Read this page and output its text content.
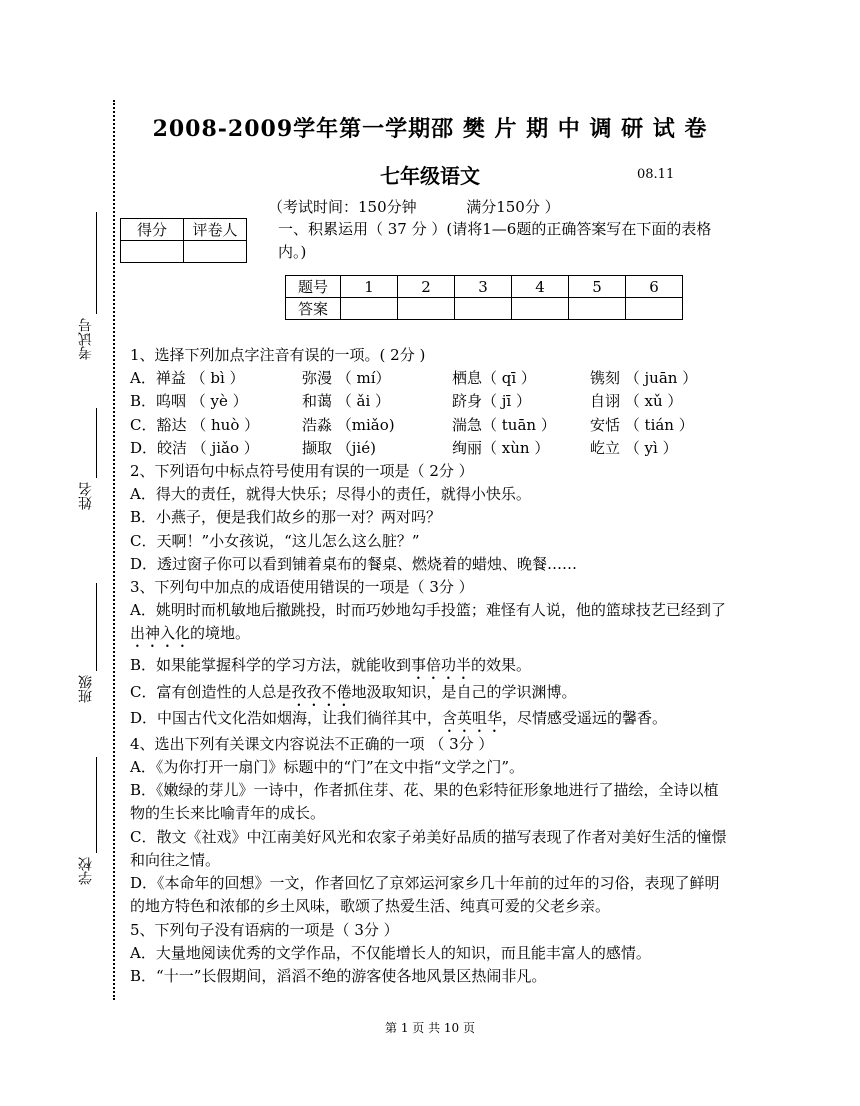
考试号
姓名
班级
学校
2008-2009学年第一学期邵 樊 片 期 中 调 研 试 卷
七年级语文	08.11
（考试时间：150分钟	满分150分 ）
得分	评卷人
		一、积累运用（ 37 分 ）(请将1—6题的正确答案写在下面的表格内。)
题号	1	2	3	4	5	6
答案						
1、选择下列加点字注音有误的一项。( 2分 )
A．禅益 （ bì ）	弥漫 （ mí）	栖息（ qī ）	镌刻 （ juān ）
B．呜咽 （ yè ）	和蔼 （ ǎi ）	跻身（ jī ）	自诩 （ xǔ ）
C．豁达 （ huò ）	浩淼 （miǎo)	湍急（ tuān ）	安恬 （ tián ）
D．皎洁 （ jiǎo ）	撷取 （jié)	绚丽（ xùn ）	屹立 （ yì ）
2、下列语句中标点符号使用有误的一项是（ 2分 ）
A．得大的责任，就得大快乐；尽得小的责任，就得小快乐。
B．小燕子，便是我们故乡的那一对？两对吗？
C．天啊！”小女孩说，“这儿怎么这么脏？”
D．透过窗子你可以看到铺着桌布的餐桌、燃烧着的蜡烛、晚餐……
3、下列句中加点的成语使用错误的一项是（ 3分 ）
A．姚明时而机敏地后撤跳投，时而巧妙地勾手投篮；难怪有人说，他的篮球技艺已经到了出神入化的境地。
B．如果能掌握科学的学习方法，就能收到事倍功半的效果。
C．富有创造性的人总是孜孜不倦地汲取知识，是自己的学识渊博。
D．中国古代文化浩如烟海，让我们徜徉其中，含英咀华，尽情感受遥远的馨香。
4、选出下列有关课文内容说法不正确的一项 （ 3分 ）
A．《为你打开一扇门》标题中的“门”在文中指“文学之门”。
B．《嫩绿的芽儿》一诗中，作者抓住芽、花、果的色彩特征形象地进行了描绘，全诗以植物的生长来比喻青年的成长。
C．散文《社戏》中江南美好风光和农家子弟美好品质的描写表现了作者对美好生活的憧憬和向往之情。
D．《本命年的回想》一文，作者回忆了京郊运河家乡几十年前的过年的习俗，表现了鲜明的地方特色和浓郁的乡土风味，歌颂了热爱生活、纯真可爱的父老乡亲。
5、下列句子没有语病的一项是（ 3分 ）
A．大量地阅读优秀的文学作品，不仅能增长人的知识，而且能丰富人的感情。
B．“十一”长假期间，滔滔不绝的游客使各地风景区热闹非凡。
第 1 页 共 10 页
